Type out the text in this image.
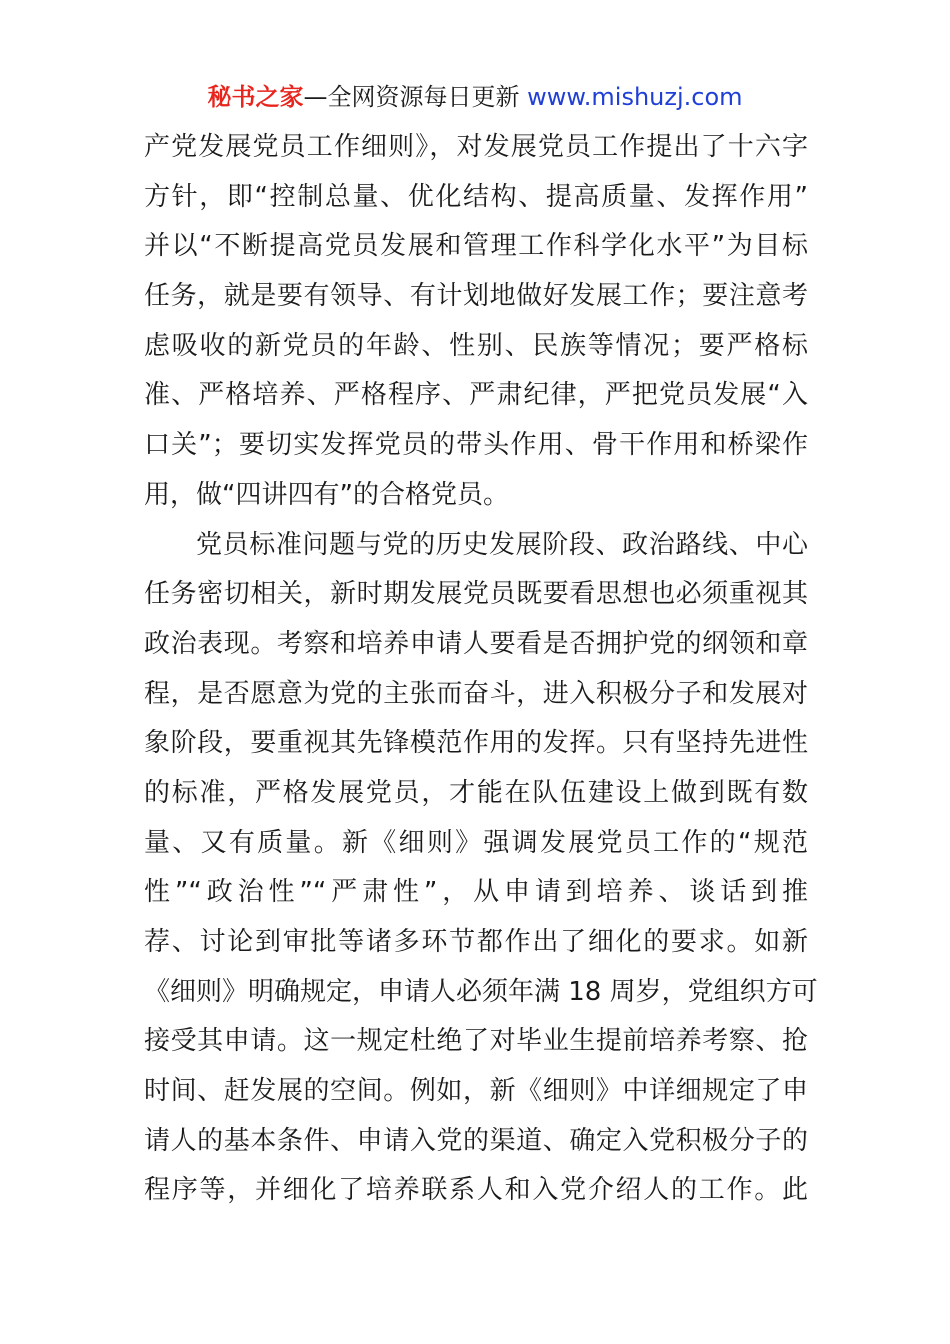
秘书之家—全网资源每日更新 www.mishuzj.com
产党发展党员工作细则》，对发展党员工作提出了十六字
方针，即“控制总量、优化结构、提高质量、发挥作用”
并以“不断提高党员发展和管理工作科学化水平”为目标
任务，就是要有领导、有计划地做好发展工作；要注意考
虑吸收的新党员的年龄、性别、民族等情况；要严格标
准、严格培养、严格程序、严肃纪律，严把党员发展“入
口关”；要切实发挥党员的带头作用、骨干作用和桥梁作
用，做“四讲四有”的合格党员。
党员标准问题与党的历史发展阶段、政治路线、中心
任务密切相关，新时期发展党员既要看思想也必须重视其
政治表现。考察和培养申请人要看是否拥护党的纲领和章
程，是否愿意为党的主张而奋斗，进入积极分子和发展对
象阶段，要重视其先锋模范作用的发挥。只有坚持先进性
的标准，严格发展党员，才能在队伍建设上做到既有数
量、又有质量。新《细则》强调发展党员工作的“规范
性”“政治性”“严肃性”，从申请到培养、谈话到推
荐、讨论到审批等诸多环节都作出了细化的要求。如新
《细则》明确规定，申请人必须年满 18 周岁，党组织方可
接受其申请。这一规定杜绝了对毕业生提前培养考察、抢
时间、赶发展的空间。例如，新《细则》中详细规定了申
请人的基本条件、申请入党的渠道、确定入党积极分子的
程序等，并细化了培养联系人和入党介绍人的工作。此
